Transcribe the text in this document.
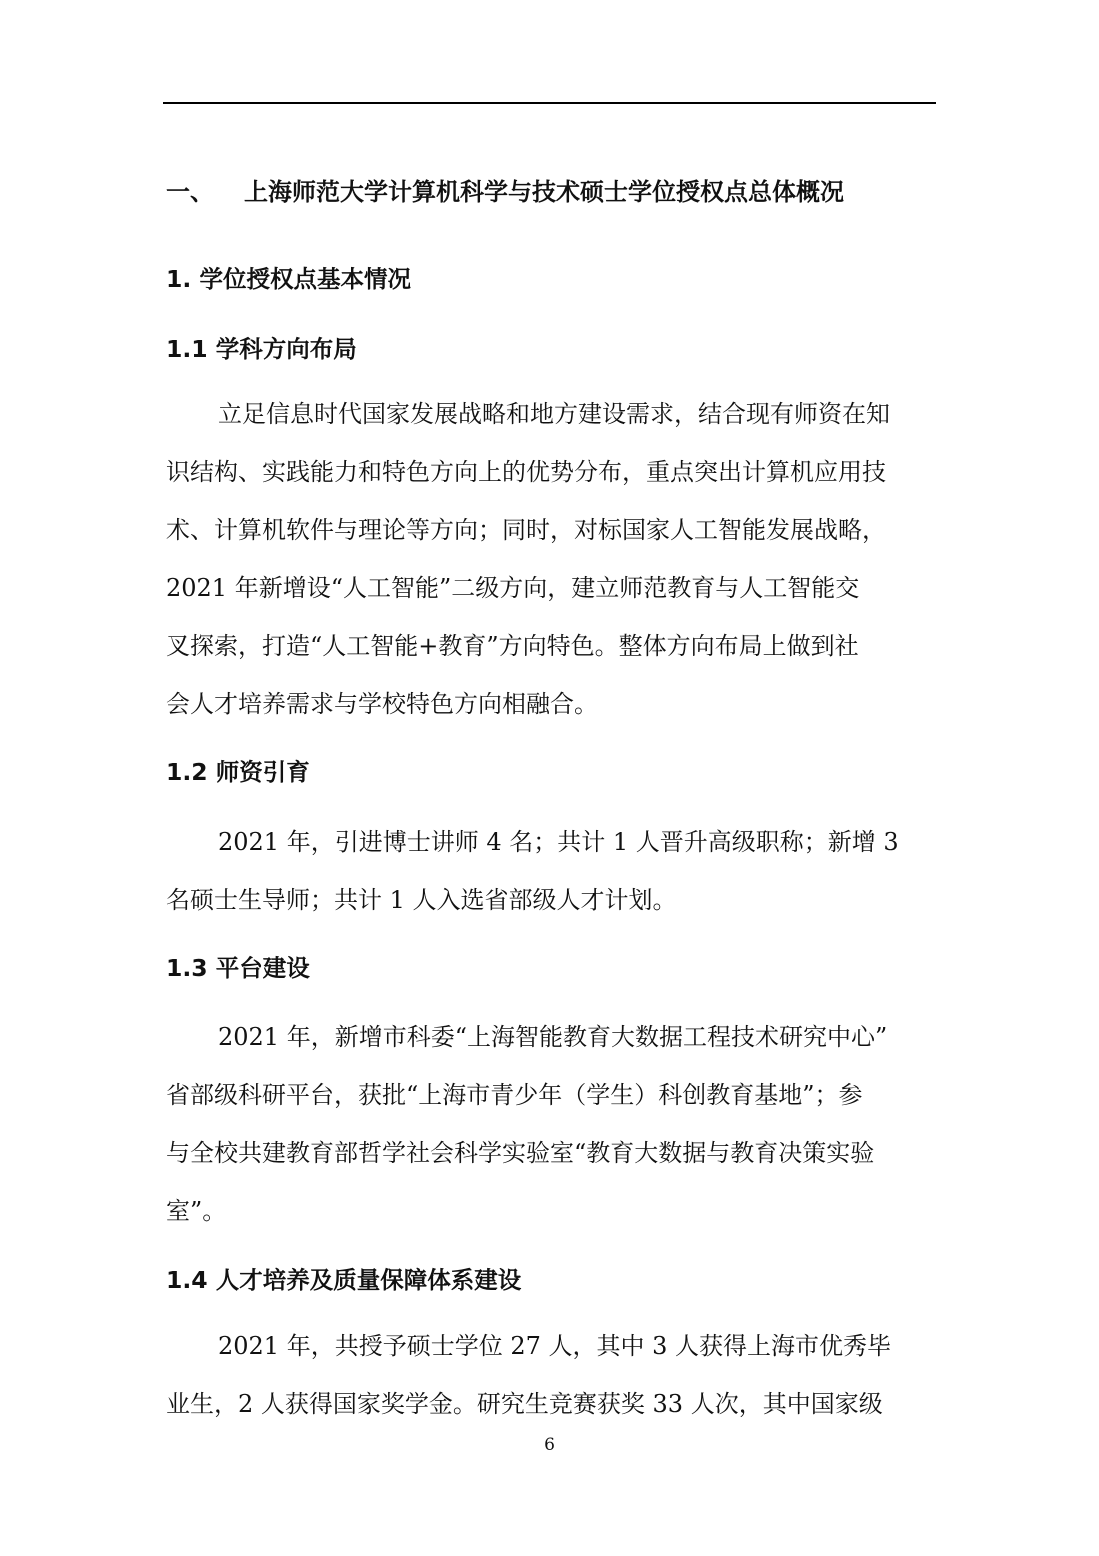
一、 上海师范大学计算机科学与技术硕士学位授权点总体概况
1. 学位授权点基本情况
1.1 学科方向布局
立足信息时代国家发展战略和地方建设需求，结合现有师资在知
识结构、实践能力和特色方向上的优势分布，重点突出计算机应用技
术、计算机软件与理论等方向；同时，对标国家人工智能发展战略，
2021 年新增设“人工智能”二级方向，建立师范教育与人工智能交
叉探索，打造“人工智能+教育”方向特色。整体方向布局上做到社
会人才培养需求与学校特色方向相融合。
1.2 师资引育
2021 年，引进博士讲师 4 名；共计 1 人晋升高级职称；新增 3
名硕士生导师；共计 1 人入选省部级人才计划。
1.3 平台建设
2021 年，新增市科委“上海智能教育大数据工程技术研究中心”
省部级科研平台，获批“上海市青少年（学生）科创教育基地”；参
与全校共建教育部哲学社会科学实验室“教育大数据与教育决策实验
室”。
1.4 人才培养及质量保障体系建设
2021 年，共授予硕士学位 27 人，其中 3 人获得上海市优秀毕
业生，2 人获得国家奖学金。研究生竞赛获奖 33 人次，其中国家级
6
